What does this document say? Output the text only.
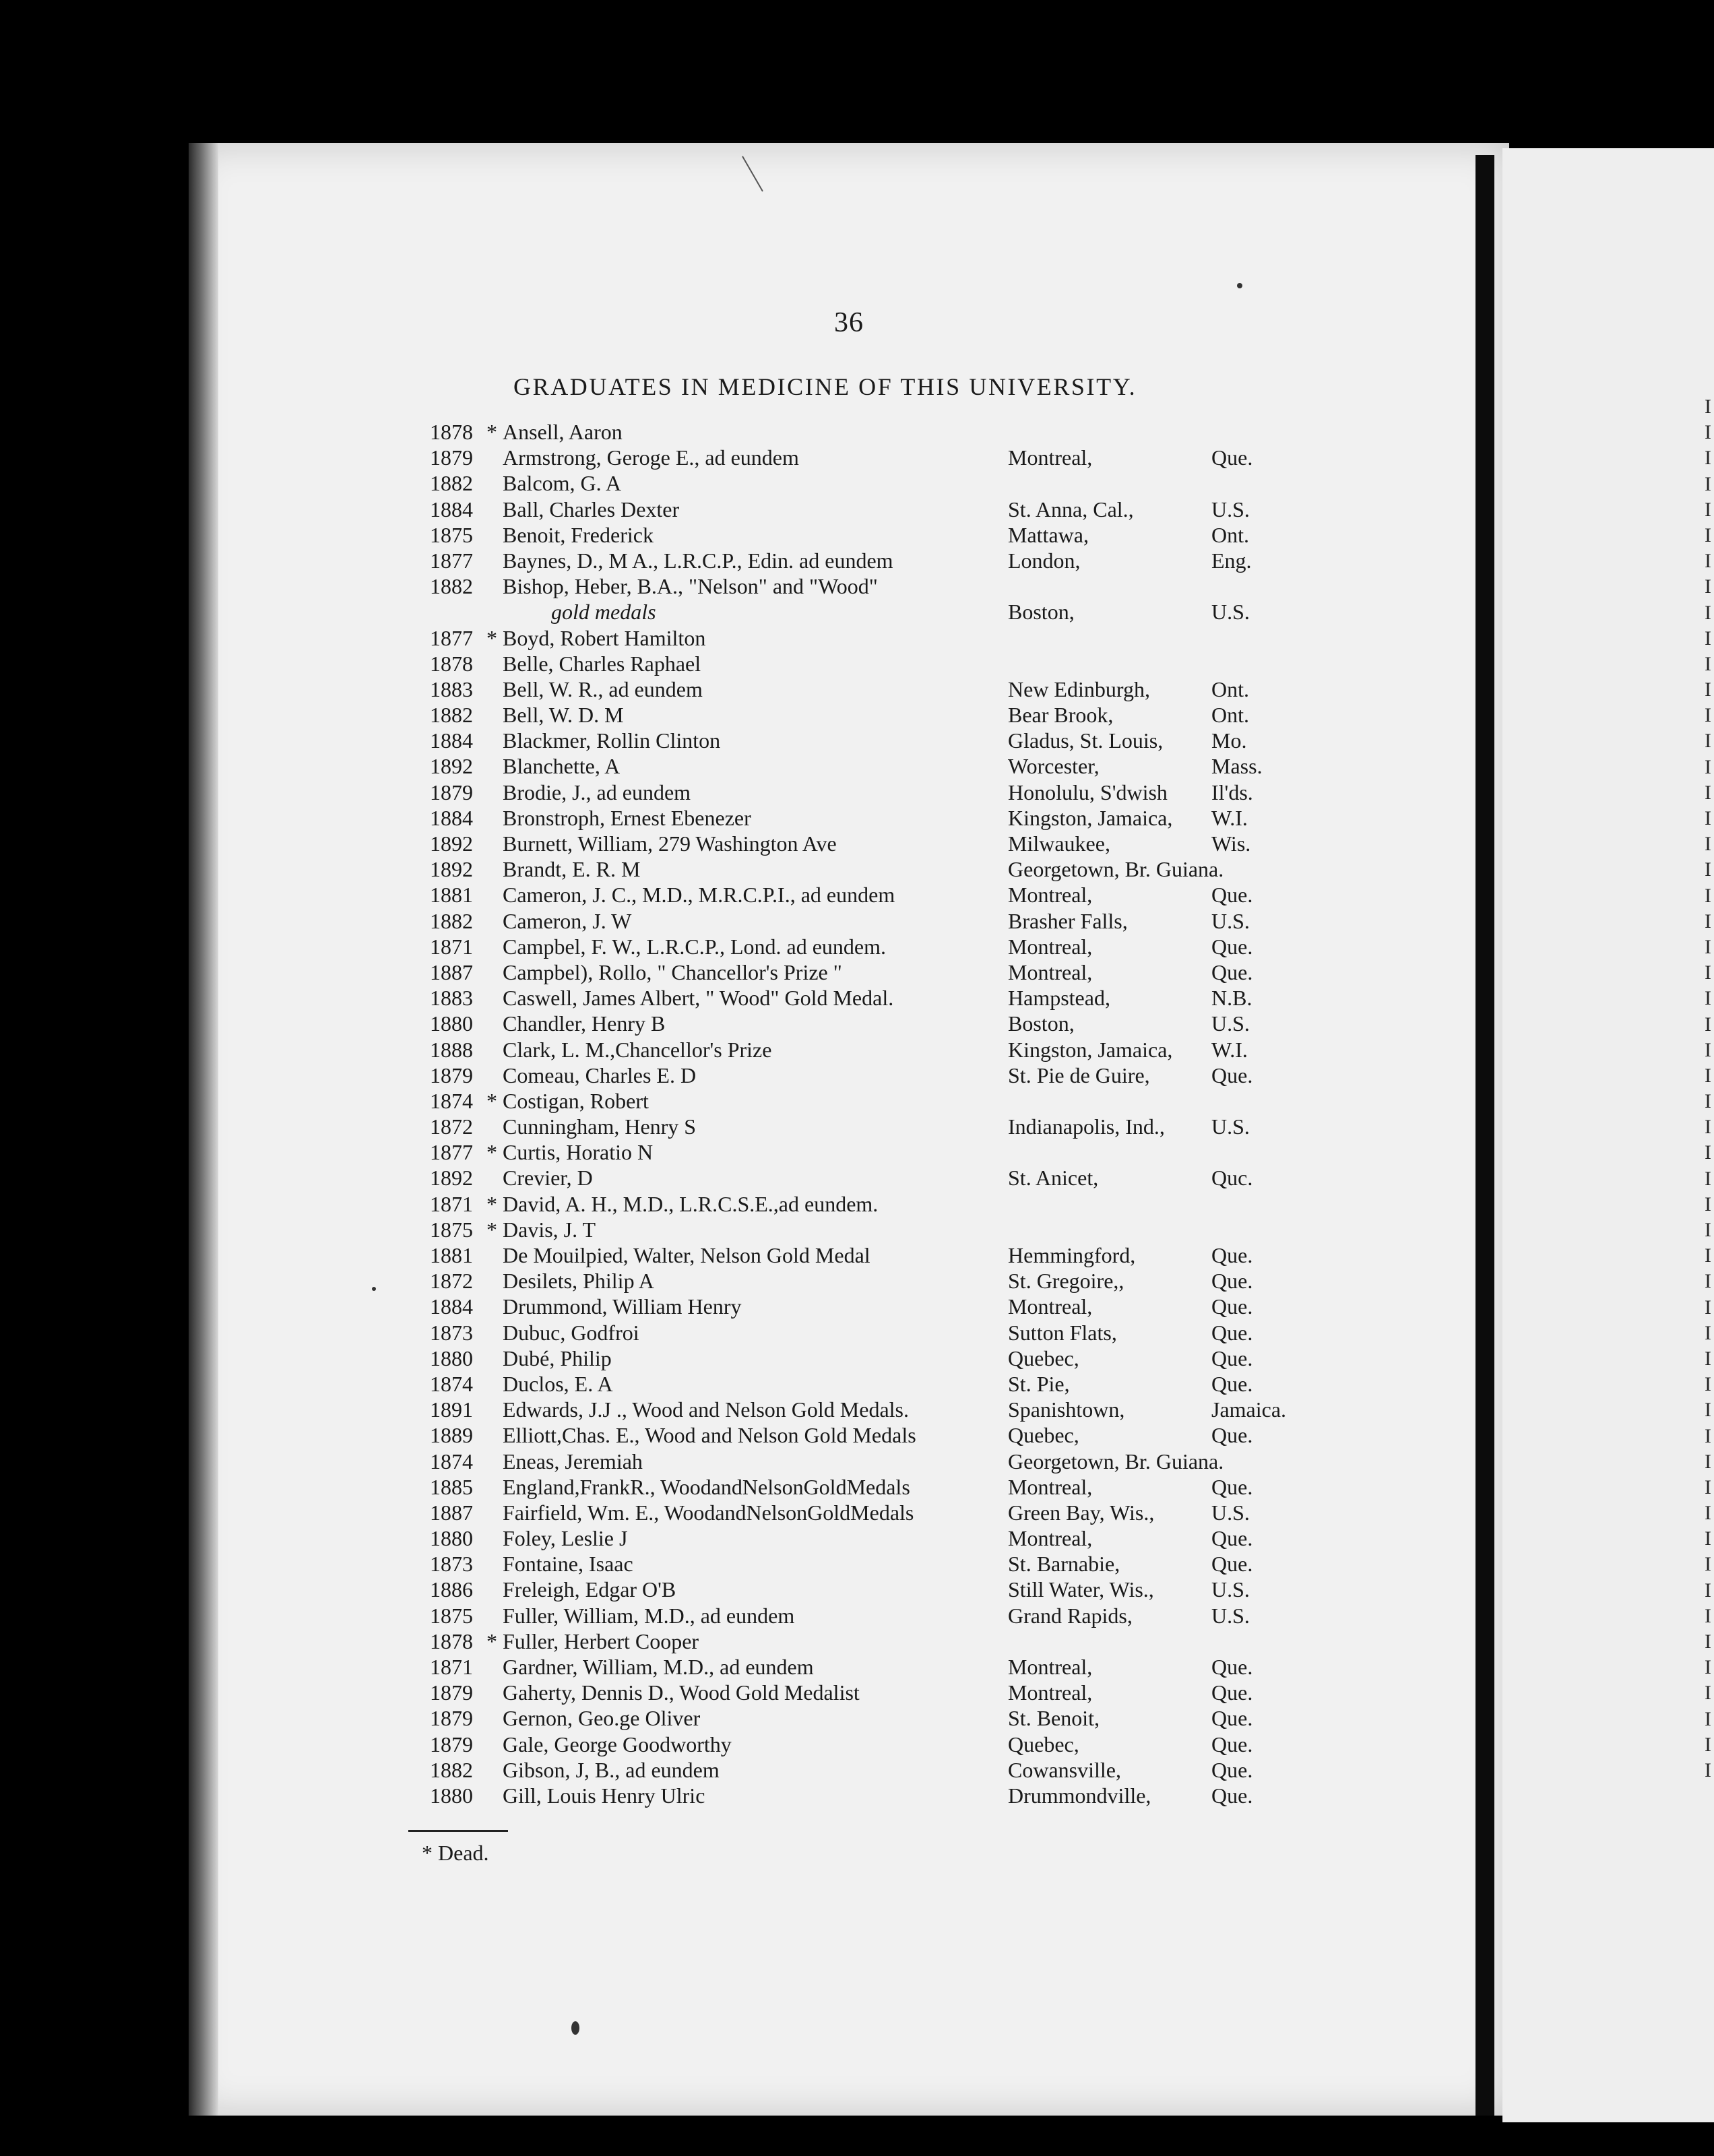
I
I
I
I
I
I
I
I
I
I
I
I
I
I
I
I
I
I
I
I
I
I
I
I
I
I
I
I
I
I
I
I
I
I
I
I
I
I
I
I
I
I
I
I
I
I
I
I
I
I
I
I
I
I
36
GRADUATES IN MEDICINE OF THIS UNIVERSITY.
1878 * Ansell, Aaron
1879 Armstrong, Geroge E., ad eundem	Montreal,	Que.
1882 Balcom, G. A
1884 Ball, Charles Dexter	St. Anna, Cal.,	U.S.
1875 Benoit, Frederick	Mattawa,	Ont.
1877 Baynes, D., M A., L.R.C.P., Edin. ad eundem	London,	Eng.
1882 Bishop, Heber, B.A., "Nelson" and "Wood"
gold medals	Boston,	U.S.
1877 * Boyd, Robert Hamilton
1878 Belle, Charles Raphael
1883 Bell, W. R., ad eundem	New Edinburgh,	Ont.
1882 Bell, W. D. M	Bear Brook,	Ont.
1884 Blackmer, Rollin Clinton	Gladus, St. Louis, Mo.
1892 Blanchette, A	Worcester,	Mass.
1879 Brodie, J., ad eundem	Honolulu, S'dwish Il'ds.
1884 Bronstroph, Ernest Ebenezer	Kingston, Jamaica, W.I.
1892 Burnett, William, 279 Washington Ave	Milwaukee,	Wis.
1892 Brandt, E. R. M	Georgetown, Br. Guiana.
1881 Cameron, J. C., M.D., M.R.C.P.I., ad eundem	Montreal,	Que.
1882 Cameron, J. W	Brasher Falls,	U.S.
1871 Campbel, F. W., L.R.C.P., Lond. ad eundem.	Montreal,	Que.
1887 Campbel), Rollo, " Chancellor's Prize "	Montreal,	Que.
1883 Caswell, James Albert, " Wood" Gold Medal.	Hampstead,	N.B.
1880 Chandler, Henry B	Boston,	U.S.
1888 Clark, L. M.,Chancellor's Prize	Kingston, Jamaica, W.I.
1879 Comeau, Charles E. D	St. Pie de Guire,	Que.
1874 * Costigan, Robert
1872 Cunningham, Henry S	Indianapolis, Ind., U.S.
1877 * Curtis, Horatio N
1892 Crevier, D	St. Anicet,	Quc.
1871 * David, A. H., M.D., L.R.C.S.E.,ad eundem.
1875 * Davis, J. T
1881 De Mouilpied, Walter, Nelson Gold Medal	Hemmingford,	Que.
1872 Desilets, Philip A	St. Gregoire,,	Que.
1884 Drummond, William Henry	Montreal,	Que.
1873 Dubuc, Godfroi	Sutton Flats,	Que.
1880 Dubé, Philip	Quebec,	Que.
1874 Duclos, E. A	St. Pie,	Que.
1891 Edwards, J.J ., Wood and Nelson Gold Medals.	Spanishtown,	Jamaica.
1889 Elliott,Chas. E., Wood and Nelson Gold Medals	Quebec,	Que.
1874 Eneas, Jeremiah	Georgetown, Br. Guiana.
1885 England,FrankR., WoodandNelsonGoldMedals	Montreal,	Que.
1887 Fairfield, Wm. E., WoodandNelsonGoldMedals	Green Bay, Wis.,	U.S.
1880 Foley, Leslie J	Montreal,	Que.
1873 Fontaine, Isaac	St. Barnabie,	Que.
1886 Freleigh, Edgar O'B	Still Water, Wis.,	U.S.
1875 Fuller, William, M.D., ad eundem	Grand Rapids,	U.S.
1878 * Fuller, Herbert Cooper
1871 Gardner, William, M.D., ad eundem	Montreal,	Que.
1879 Gaherty, Dennis D., Wood Gold Medalist	Montreal,	Que.
1879 Gernon, Geo.ge Oliver	St. Benoit,	Que.
1879 Gale, George Goodworthy	Quebec,	Que.
1882 Gibson, J, B., ad eundem	Cowansville,	Que.
1880 Gill, Louis Henry Ulric	Drummondville,	Que.
* Dead.
